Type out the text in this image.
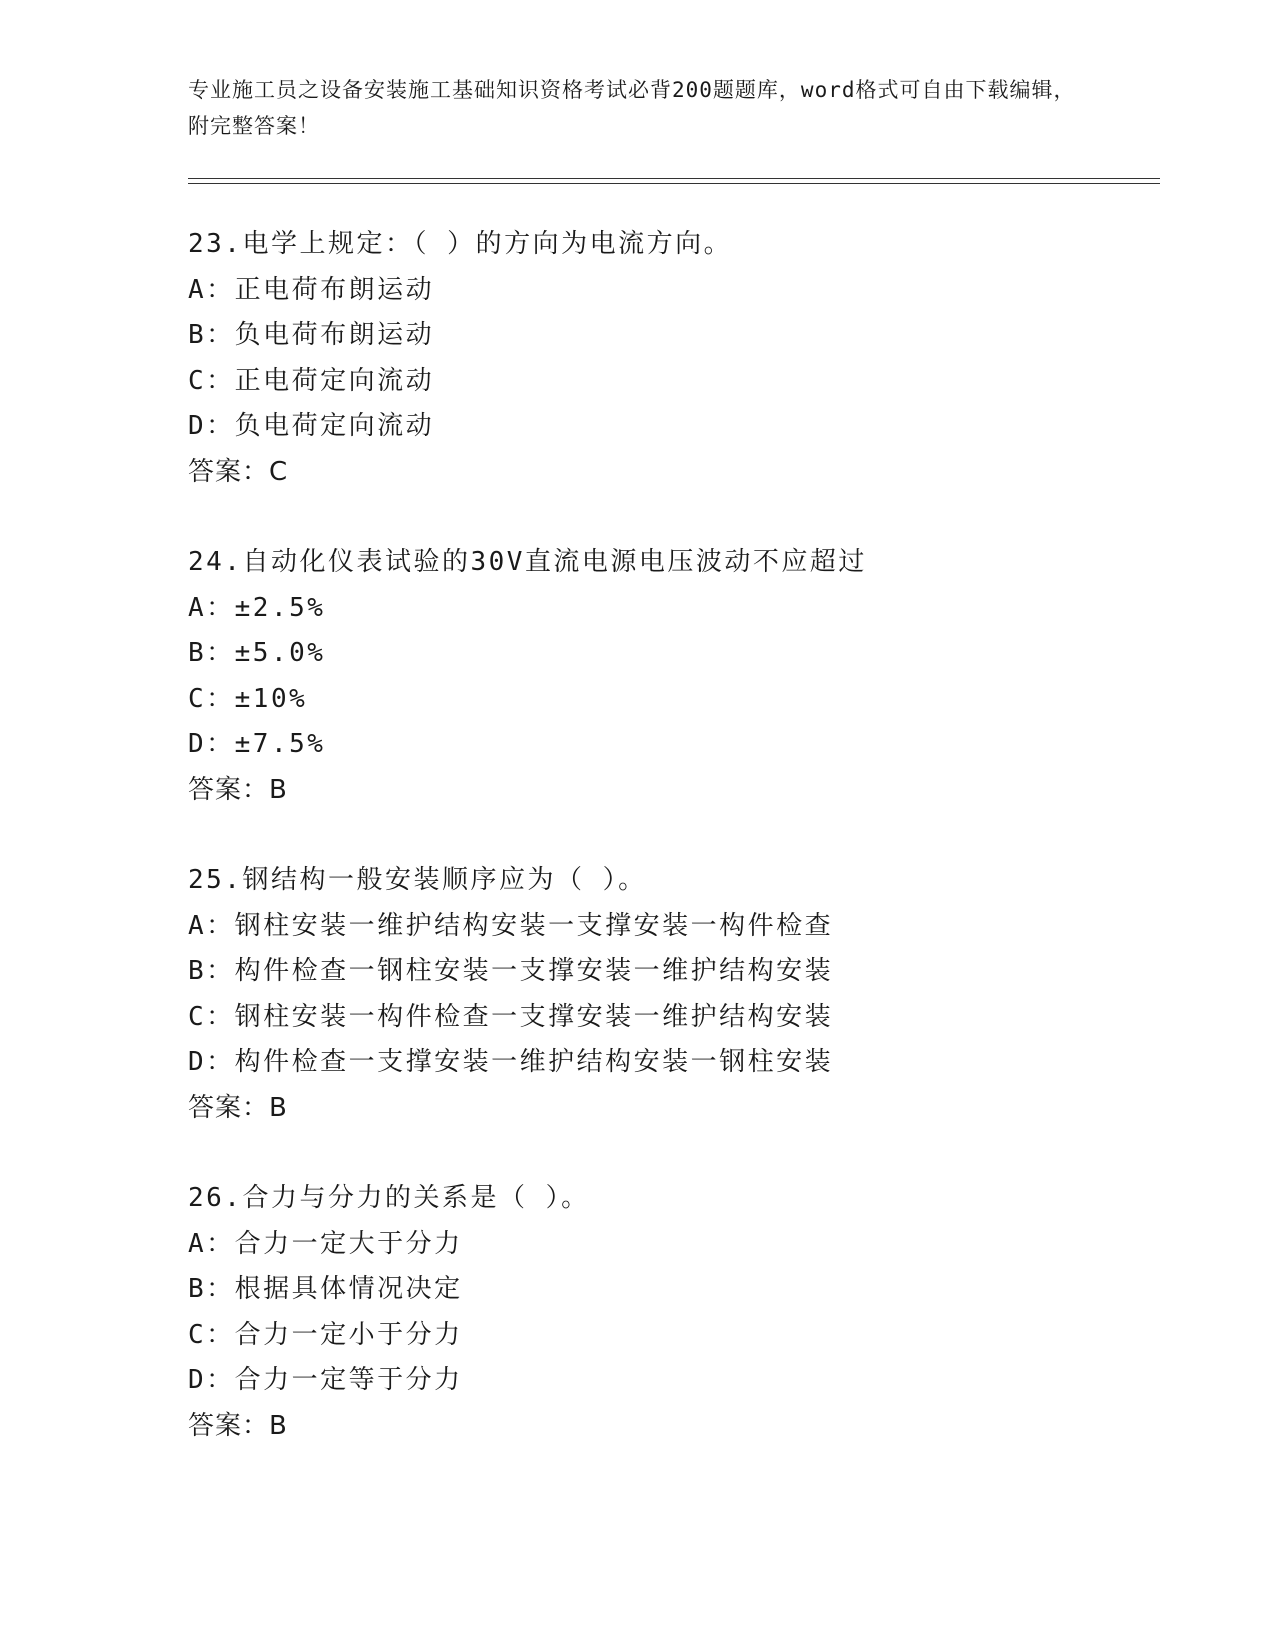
专业施工员之设备安装施工基础知识资格考试必背200题题库，word格式可自由下载编辑，附完整答案！
23.电学上规定：（ ）的方向为电流方向。
A：正电荷布朗运动
B：负电荷布朗运动
C：正电荷定向流动
D：负电荷定向流动
答案：C
24.自动化仪表试验的30V直流电源电压波动不应超过
A：±2.5%
B：±5.0%
C：±10%
D：±7.5%
答案：B
25.钢结构一般安装顺序应为（ ）。
A：钢柱安装一维护结构安装一支撑安装一构件检查
B：构件检查一钢柱安装一支撑安装一维护结构安装
C：钢柱安装一构件检查一支撑安装一维护结构安装
D：构件检查一支撑安装一维护结构安装一钢柱安装
答案：B
26.合力与分力的关系是（ ）。
A：合力一定大于分力
B：根据具体情况决定
C：合力一定小于分力
D：合力一定等于分力
答案：B
